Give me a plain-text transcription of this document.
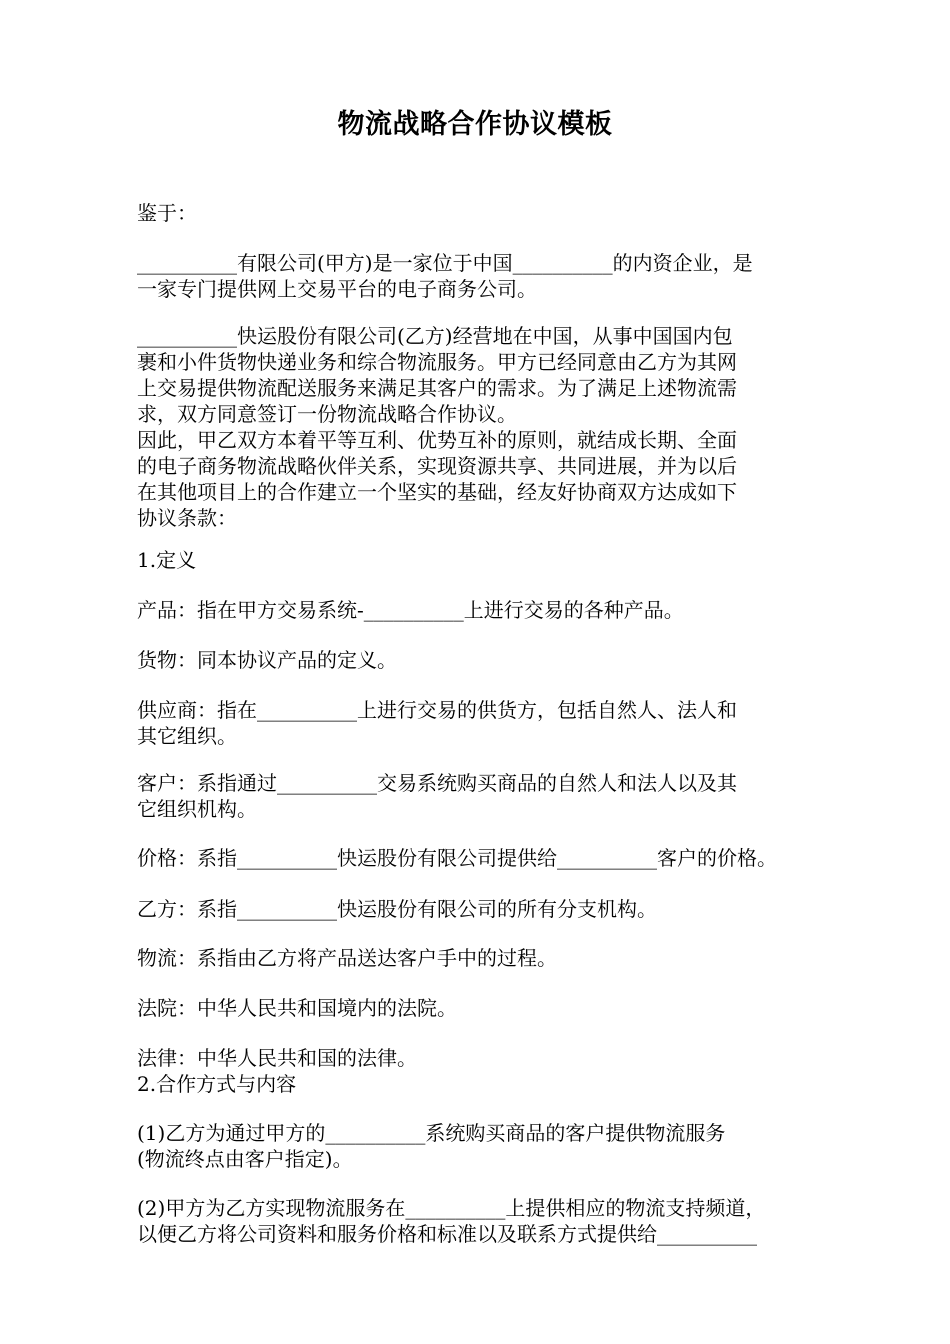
物流战略合作协议模板
鉴于：
__________有限公司(甲方)是一家位于中国__________的内资企业，是
一家专门提供网上交易平台的电子商务公司。
__________快运股份有限公司(乙方)经营地在中国，从事中国国内包
裹和小件货物快递业务和综合物流服务。甲方已经同意由乙方为其网
上交易提供物流配送服务来满足其客户的需求。为了满足上述物流需
求，双方同意签订一份物流战略合作协议。
因此，甲乙双方本着平等互利、优势互补的原则，就结成长期、全面
的电子商务物流战略伙伴关系，实现资源共享、共同进展，并为以后
在其他项目上的合作建立一个坚实的基础，经友好协商双方达成如下
协议条款：
1.定义
产品：指在甲方交易系统-__________上进行交易的各种产品。
货物：同本协议产品的定义。
供应商：指在__________上进行交易的供货方，包括自然人、法人和
其它组织。
客户：系指通过__________交易系统购买商品的自然人和法人以及其
它组织机构。
价格：系指__________快运股份有限公司提供给__________客户的价格。
乙方：系指__________快运股份有限公司的所有分支机构。
物流：系指由乙方将产品送达客户手中的过程。
法院：中华人民共和国境内的法院。
法律：中华人民共和国的法律。
2.合作方式与内容
(1)乙方为通过甲方的__________系统购买商品的客户提供物流服务
(物流终点由客户指定)。
(2)甲方为乙方实现物流服务在__________上提供相应的物流支持频道，
以便乙方将公司资料和服务价格和标准以及联系方式提供给__________
